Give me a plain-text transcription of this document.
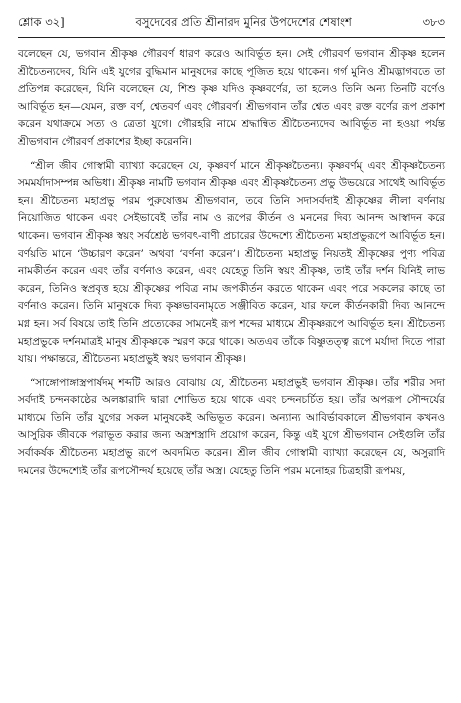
শ্লোক ৩২]	বসুদেবের প্রতি শ্রীনারদ মুনির উপদেশের শেষাংশ	৩৮৩

বলেছেন যে, ভগবান শ্রীকৃষ্ণ গৌরবর্ণ ধারণ করেও আবির্ভূত হন। সেই গৌরবর্ণ ভগবান শ্রীকৃষ্ণ হলেন শ্রীচৈতন্যদেব, যিনি এই যুগের বুদ্ধিমান মানুষদের কাছে পূজিত হয়ে থাকেন। গর্গ মুনিও শ্রীমদ্ভাগবতে তা প্রতিপন্ন করেছেন, যিনি বলেছেন যে, শিশু কৃষ্ণ যদিও কৃষ্ণবর্ণের, তা হলেও তিনি অন্য তিনটি বর্ণেও আবির্ভূত হন—যেমন, রক্ত বর্ণ, শ্বেতবর্ণ এবং গৌরবর্ণ। শ্রীভগবান তাঁর শ্বেত এবং রক্ত বর্ণের রূপ প্রকাশ করেন যথাক্রমে সত্য ও ত্রেতা যুগে। গৌরহরি নামে শ্রদ্ধান্বিত শ্রীচৈতন্যদেব আবির্ভূত না হওয়া পর্যন্ত শ্রীভগবান গৌরবর্ণ প্রকাশের ইচ্ছা করেননি।

“শ্রীল জীব গোস্বামী ব্যাখ্যা করেছেন যে, কৃষ্ণবর্ণ মানে শ্রীকৃষ্ণচৈতন্য। কৃষ্ণবর্ণম্ এবং শ্রীকৃষ্ণচৈতন্য সমমর্যাদাসম্পন্ন অভিধা। শ্রীকৃষ্ণ নামটি ভগবান শ্রীকৃষ্ণ এবং শ্রীকৃষ্ণচৈতন্য প্রভু উভয়েরে সাথেই আবির্ভূত হন। শ্রীচৈতন্য মহাপ্রভু পরম পুরুষোত্তম শ্রীভগবান, তবে তিনি সদাসর্বদাই শ্রীকৃষ্ণের লীলা বর্ণনায় নিয়োজিত থাকেন এবং সেইভাবেই তাঁর নাম ও রূপের কীর্তন ও মননের দিব্য আনন্দ আস্বাদন করে থাকেন। ভগবান শ্রীকৃষ্ণ স্বয়ং সর্বশ্রেষ্ঠ ভগবৎ-বাণী প্রচারের উদ্দেশ্যে শ্রীচৈতন্য মহাপ্রভুরূপে আবির্ভূত হন। বর্ণয়তি মানে ‘উচ্চারণ করেন’ অথবা ‘বর্ণনা করেন’। শ্রীচৈতন্য মহাপ্রভু নিয়তই শ্রীকৃষ্ণের পুণ্য পবিত্র নামকীর্তন করেন এবং তাঁর বর্ণনাও করেন, এবং যেহেতু তিনি স্বয়ং শ্রীকৃষ্ণ, তাই তাঁর দর্শন যিনিই লাভ করেন, তিনিও স্বপ্রবৃত্ত হয়ে শ্রীকৃষ্ণের পবিত্র নাম জপকীর্তন করতে থাকেন এবং পরে সকলের কাছে তা বর্ণনাও করেন। তিনি মানুষকে দিব্য কৃষ্ণভাবনামৃতে সঞ্জীবিত করেন, যার ফলে কীর্তনকারী দিব্য আনন্দে মগ্ন হন। সর্ব বিষয়ে তাই তিনি প্রত্যেকের সামনেই রূপ শব্দের মাধ্যমে শ্রীকৃষ্ণরূপে আবির্ভূত হন। শ্রীচৈতন্য মহাপ্রভুকে দর্শনমাত্রই মানুষ শ্রীকৃষ্ণকে স্মরণ করে থাকে। অতএব তাঁকে বিষ্ণুতত্ত্ব রূপে মর্যাদা দিতে পারা যায়। পক্ষান্তরে, শ্রীচৈতন্য মহাপ্রভুই স্বয়ং ভগবান শ্রীকৃষ্ণ।

“সাঙ্গোপাঙ্গাস্ত্রপার্ষদম্ শব্দটি আরও বোঝায় যে, শ্রীচৈতন্য মহাপ্রভুই ভগবান শ্রীকৃষ্ণ। তাঁর শরীর সদা সর্বদাই চন্দনকাষ্ঠের অলঙ্কারাদি দ্বারা শোভিত হয়ে থাকে এবং চন্দনচর্চিত হয়। তাঁর অপরূপ সৌন্দর্যের মাধ্যমে তিনি তাঁর যুগের সকল মানুষকেই অভিভূত করেন। অন্যান্য আবির্ভাবকালে শ্রীভগবান কখনও আসুরিক জীবকে পরাভূত করার জন্য অস্ত্রশস্ত্রাদি প্রয়োগ করেন, কিন্তু এই যুগে শ্রীভগবান সেইগুলি তাঁর সর্বাকর্ষক শ্রীচৈতন্য মহাপ্রভু রূপে অবদমিত করেন। শ্রীল জীব গোস্বামী ব্যাখ্যা করেছেন যে, অসুরাদি দমনের উদ্দেশ্যেই তাঁর রূপসৌন্দর্য হয়েছে তাঁর অস্ত্র। যেহেতু তিনি পরম মনোহর চিত্রহারী রূপময়,
